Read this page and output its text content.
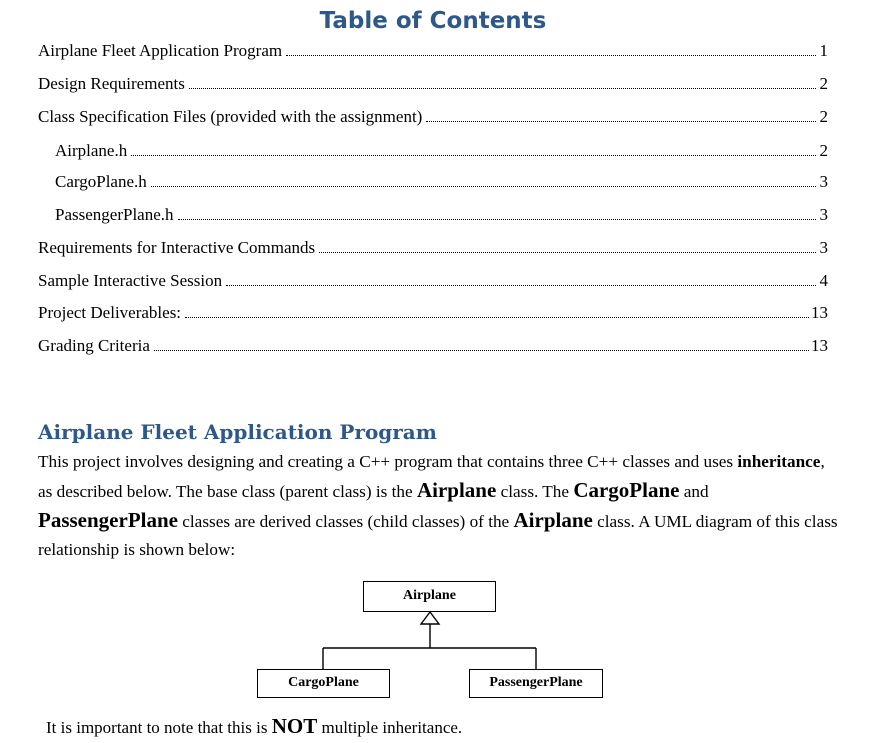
Table of Contents
Airplane Fleet Application Program	1
Design Requirements	2
Class Specification Files (provided with the assignment)	2
Airplane.h	2
CargoPlane.h	3
PassengerPlane.h	3
Requirements for Interactive Commands	3
Sample Interactive Session	4
Project Deliverables:	13
Grading Criteria	13
Airplane Fleet Application Program
This project involves designing and creating a C++ program that contains three C++ classes and uses inheritance, as described below. The base class (parent class) is the Airplane class. The CargoPlane and PassengerPlane classes are derived classes (child classes) of the Airplane class. A UML diagram of this class relationship is shown below:
Airplane
CargoPlane	PassengerPlane
It is important to note that this is NOT multiple inheritance.
